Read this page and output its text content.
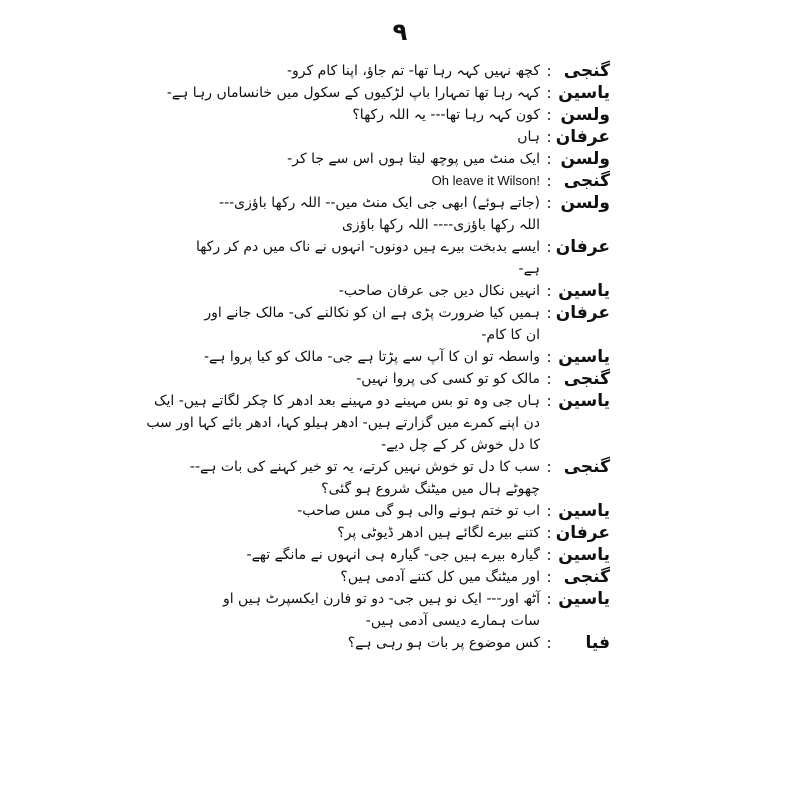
۹
گنجی
:
کچھ نہیں کہہ رہا تھا- تم جاؤ، اپنا کام کرو-
یاسین
:
کہہ رہا تھا تمہارا باپ لڑکیوں کے سکول میں خانساماں رہا ہے-
ولسن
:
کون کہہ رہا تھا--- یہ اللہ رکھا؟
عرفان
:
ہاں
ولسن
:
ایک منٹ میں پوچھ لیتا ہوں اس سے جا کر-
گنجی
:
Oh leave it Wilson!
ولسن
:
(جاتے ہوئے) ابھی جی ایک منٹ میں-- اللہ رکھا باؤزی---
اللہ رکھا باؤزی---- اللہ رکھا باؤزی
عرفان
:
ایسے بدبخت بیرے ہیں دونوں- انہوں نے ناک میں دم کر رکھا
ہے-
یاسین
:
انہیں نکال دیں جی عرفان صاحب-
عرفان
:
ہمیں کیا ضرورت پڑی ہے ان کو نکالنے کی- مالک جانے اور
ان کا کام-
یاسین
:
واسطہ تو ان کا آپ سے پڑتا ہے جی- مالک کو کیا پروا ہے-
گنجی
:
مالک کو تو کسی کی پروا نہیں-
یاسین
:
ہاں جی وہ تو بس مہینے دو مہینے بعد ادھر کا چکر لگاتے ہیں- ایک
دن اپنے کمرے میں گزارتے ہیں- ادھر ہیلو کہا، ادھر بائے کہا اور سب
کا دل خوش کر کے چل دیے-
گنجی
:
سب کا دل تو خوش نہیں کرتے، یہ تو خیر کہنے کی بات ہے--
چھوٹے ہال میں میٹنگ شروع ہو گئی؟
یاسین
:
اب تو ختم ہونے والی ہو گی مس صاحب-
عرفان
:
کتنے بیرے لگائے ہیں ادھر ڈیوٹی پر؟
یاسین
:
گیارہ بیرے ہیں جی- گیارہ ہی انہوں نے مانگے تھے-
گنجی
:
اور میٹنگ میں کل کتنے آدمی ہیں؟
یاسین
:
آٹھ اور--- ایک نو ہیں جی- دو تو فارن ایکسپرٹ ہیں او
سات ہمارے دیسی آدمی ہیں-
فیا
:
کس موضوع پر بات ہو رہی ہے؟
